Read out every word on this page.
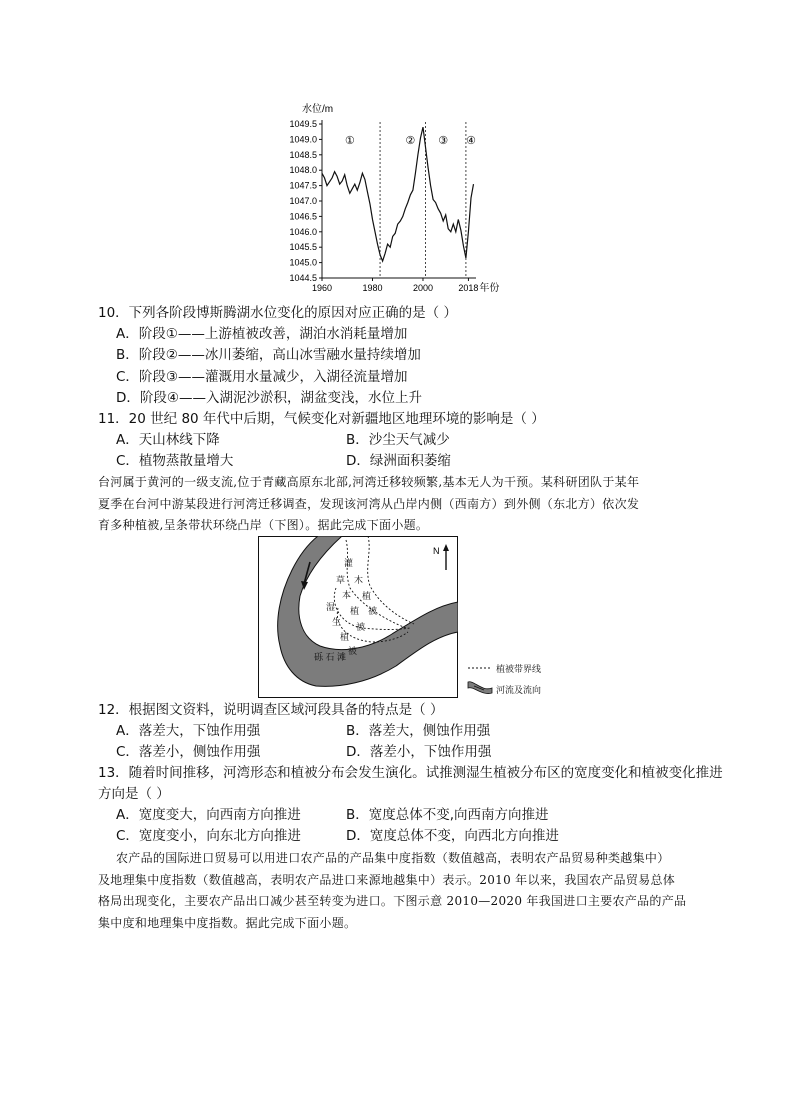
水位/m
1049.5
1049.0
1048.5
1048.0
1047.5
1047.0
1046.5
1046.0
1045.5
1045.0
1044.5
1960	1980	2000	2018
①	② ③ ④
年份
10．下列各阶段博斯腾湖水位变化的原因对应正确的是（ ）
A．阶段①——上游植被改善，湖泊水消耗量增加
B．阶段②——冰川萎缩，高山冰雪融水量持续增加
C．阶段③——灌溉用水量减少，入湖径流量增加
D．阶段④——入湖泥沙淤积，湖盆变浅，水位上升
11．20 世纪 80 年代中后期，气候变化对新疆地区地理环境的影响是（ ）
A．天山林线下降	B．沙尘天气减少
C．植物蒸散量增大	D．绿洲面积萎缩
台河属于黄河的一级支流,位于青藏高原东北部,河湾迁移较频繁,基本无人为干预。某科研团队于某年
夏季在台河中游某段进行河湾迁移调查，发现该河湾从凸岸内侧（西南方）到外侧（东北方）依次发
育多种植被,呈条带状环绕凸岸（下图）。据此完成下面小题。
N
灌
木
植
被
草
本
植
被
湿
生
植
被
砾 石 滩
植被带界线
河流及流向
12．根据图文资料，说明调查区域河段具备的特点是（ ）
A．落差大，下蚀作用强	B．落差大，侧蚀作用强
C．落差小，侧蚀作用强	D．落差小，下蚀作用强
13．随着时间推移，河湾形态和植被分布会发生演化。试推测湿生植被分布区的宽度变化和植被变化推进
方向是（ ）
A．宽度变大，向西南方向推进	B．宽度总体不变,向西南方向推进
C．宽度变小，向东北方向推进	D．宽度总体不变，向西北方向推进
农产品的国际进口贸易可以用进口农产品的产品集中度指数（数值越高，表明农产品贸易种类越集中）
及地理集中度指数（数值越高，表明农产品进口来源地越集中）表示。2010 年以来，我国农产品贸易总体
格局出现变化，主要农产品出口减少甚至转变为进口。下图示意 2010—2020 年我国进口主要农产品的产品
集中度和地理集中度指数。据此完成下面小题。
